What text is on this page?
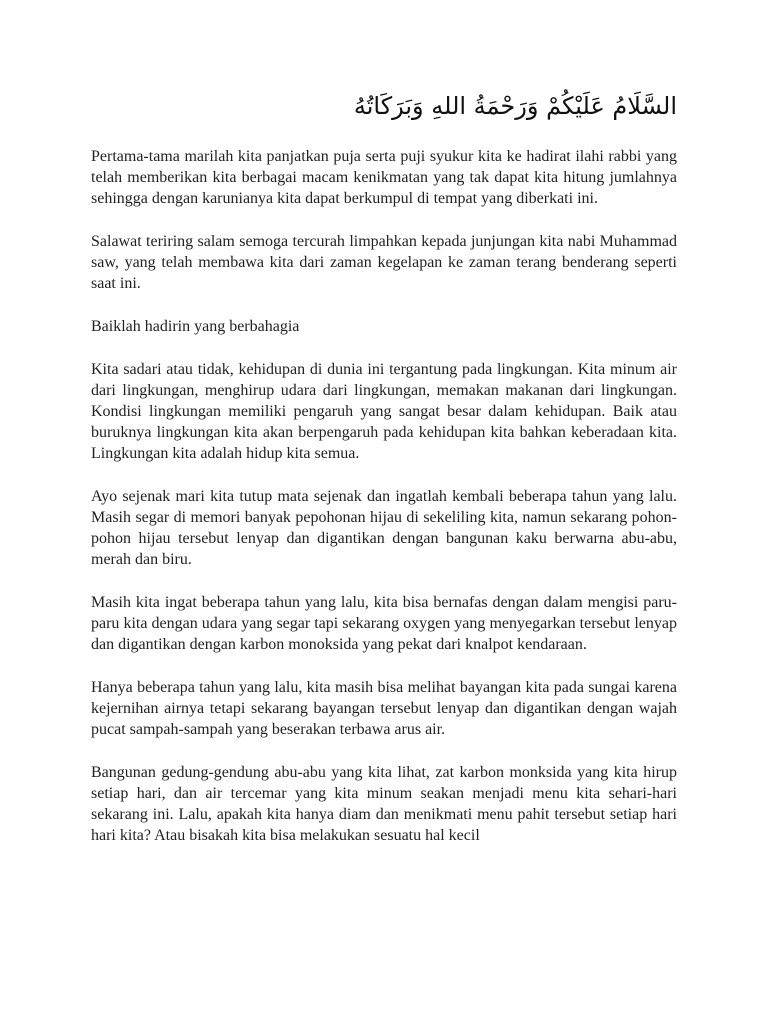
السَّلَامُ عَلَيْكُمْ وَرَحْمَةُ اللهِ وَبَرَكَاتُهُ

Pertama-tama marilah kita panjatkan puja serta puji syukur kita ke hadirat ilahi rabbi yang telah memberikan kita berbagai macam kenikmatan yang tak dapat kita hitung jumlahnya sehingga dengan karunianya kita dapat berkumpul di tempat yang diberkati ini.

Salawat teriring salam semoga tercurah limpahkan kepada junjungan kita nabi Muhammad saw, yang telah membawa kita dari zaman kegelapan ke zaman terang benderang seperti saat ini.

Baiklah hadirin yang berbahagia

Kita sadari atau tidak, kehidupan di dunia ini tergantung pada lingkungan. Kita minum air dari lingkungan, menghirup udara dari lingkungan, memakan makanan dari lingkungan. Kondisi lingkungan memiliki pengaruh yang sangat besar dalam kehidupan. Baik atau buruknya lingkungan kita akan berpengaruh pada kehidupan kita bahkan keberadaan kita. Lingkungan kita adalah hidup kita semua.

Ayo sejenak mari kita tutup mata sejenak dan ingatlah kembali beberapa tahun yang lalu. Masih segar di memori banyak pepohonan hijau di sekeliling kita, namun sekarang pohon-pohon hijau tersebut lenyap dan digantikan dengan bangunan kaku berwarna abu-abu, merah dan biru.

Masih kita ingat beberapa tahun yang lalu, kita bisa bernafas dengan dalam mengisi paru-paru kita dengan udara yang segar tapi sekarang oxygen yang menyegarkan tersebut lenyap dan digantikan dengan karbon monoksida yang pekat dari knalpot kendaraan.

Hanya beberapa tahun yang lalu, kita masih bisa melihat bayangan kita pada sungai karena kejernihan airnya tetapi sekarang bayangan tersebut lenyap dan digantikan dengan wajah pucat sampah-sampah yang beserakan terbawa arus air.

Bangunan gedung-gendung abu-abu yang kita lihat, zat karbon monksida yang kita hirup setiap hari, dan air tercemar yang kita minum seakan menjadi menu kita sehari-hari sekarang ini. Lalu, apakah kita hanya diam dan menikmati menu pahit tersebut setiap hari hari kita? Atau bisakah kita bisa melakukan sesuatu hal kecil
